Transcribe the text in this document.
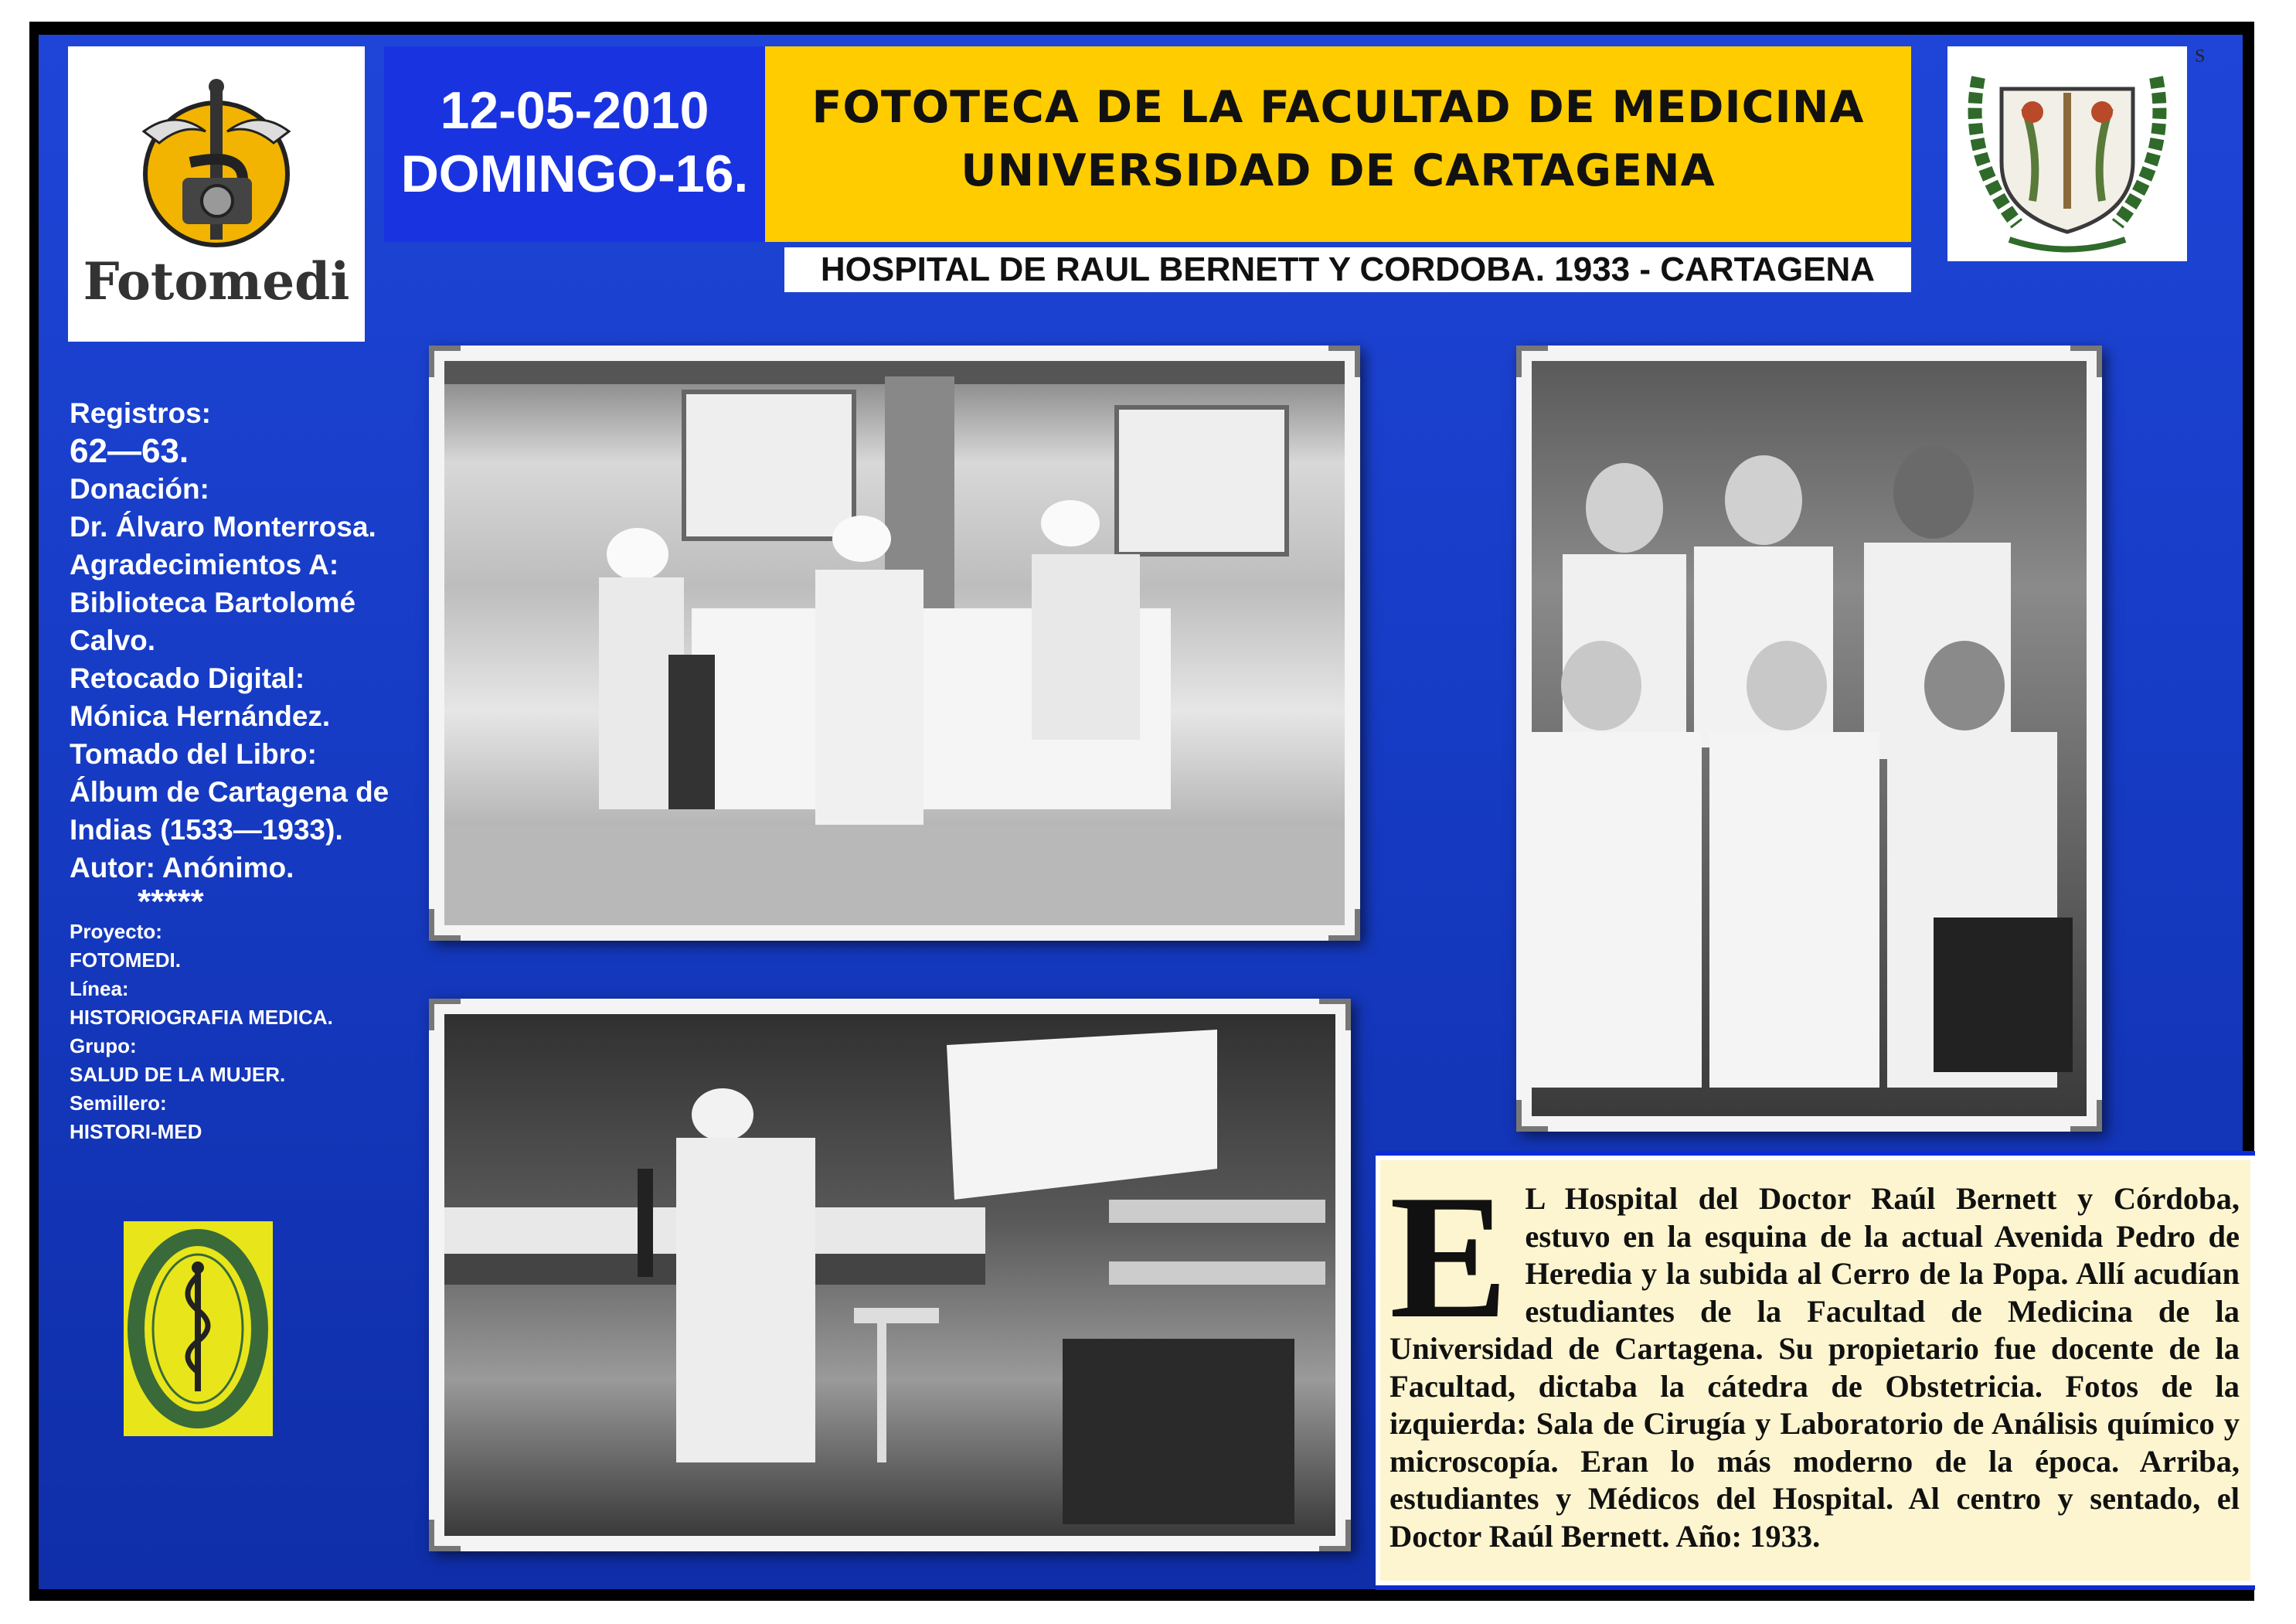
Fotomedi
12-05-2010
DOMINGO-16.
FOTOTECA DE LA FACULTAD DE MEDICINA
UNIVERSIDAD DE CARTAGENA
HOSPITAL DE RAUL BERNETT Y CORDOBA. 1933 - CARTAGENA
S
Registros:
62—63.
Donación:
Dr. Álvaro Monterrosa.
Agradecimientos A:
Biblioteca Bartolomé
Calvo.
Retocado Digital:
Mónica Hernández.
Tomado del Libro:
Álbum de Cartagena de
Indias (1533—1933).
Autor: Anónimo.
*****
Proyecto:
FOTOMEDI.
Línea:
HISTORIOGRAFIA MEDICA.
Grupo:
SALUD DE LA MUJER.
Semillero:
HISTORI-MED
E L Hospital del Doctor Raúl Bernett y Córdoba, estuvo en la esquina de la actual Avenida Pedro de Heredia y la subida al Cerro de la Popa. Allí acudían estudiantes de la Facultad de Medicina de la Universidad de Cartagena. Su propietario fue docente de la Facultad, dictaba la cátedra de Obstetricia. Fotos de la izquierda: Sala de Cirugía y Laboratorio de Análisis químico y microscopía. Eran lo más moderno de la época. Arriba, estudiantes y Médicos del Hospital. Al centro y sentado, el Doctor Raúl Bernett. Año: 1933.
